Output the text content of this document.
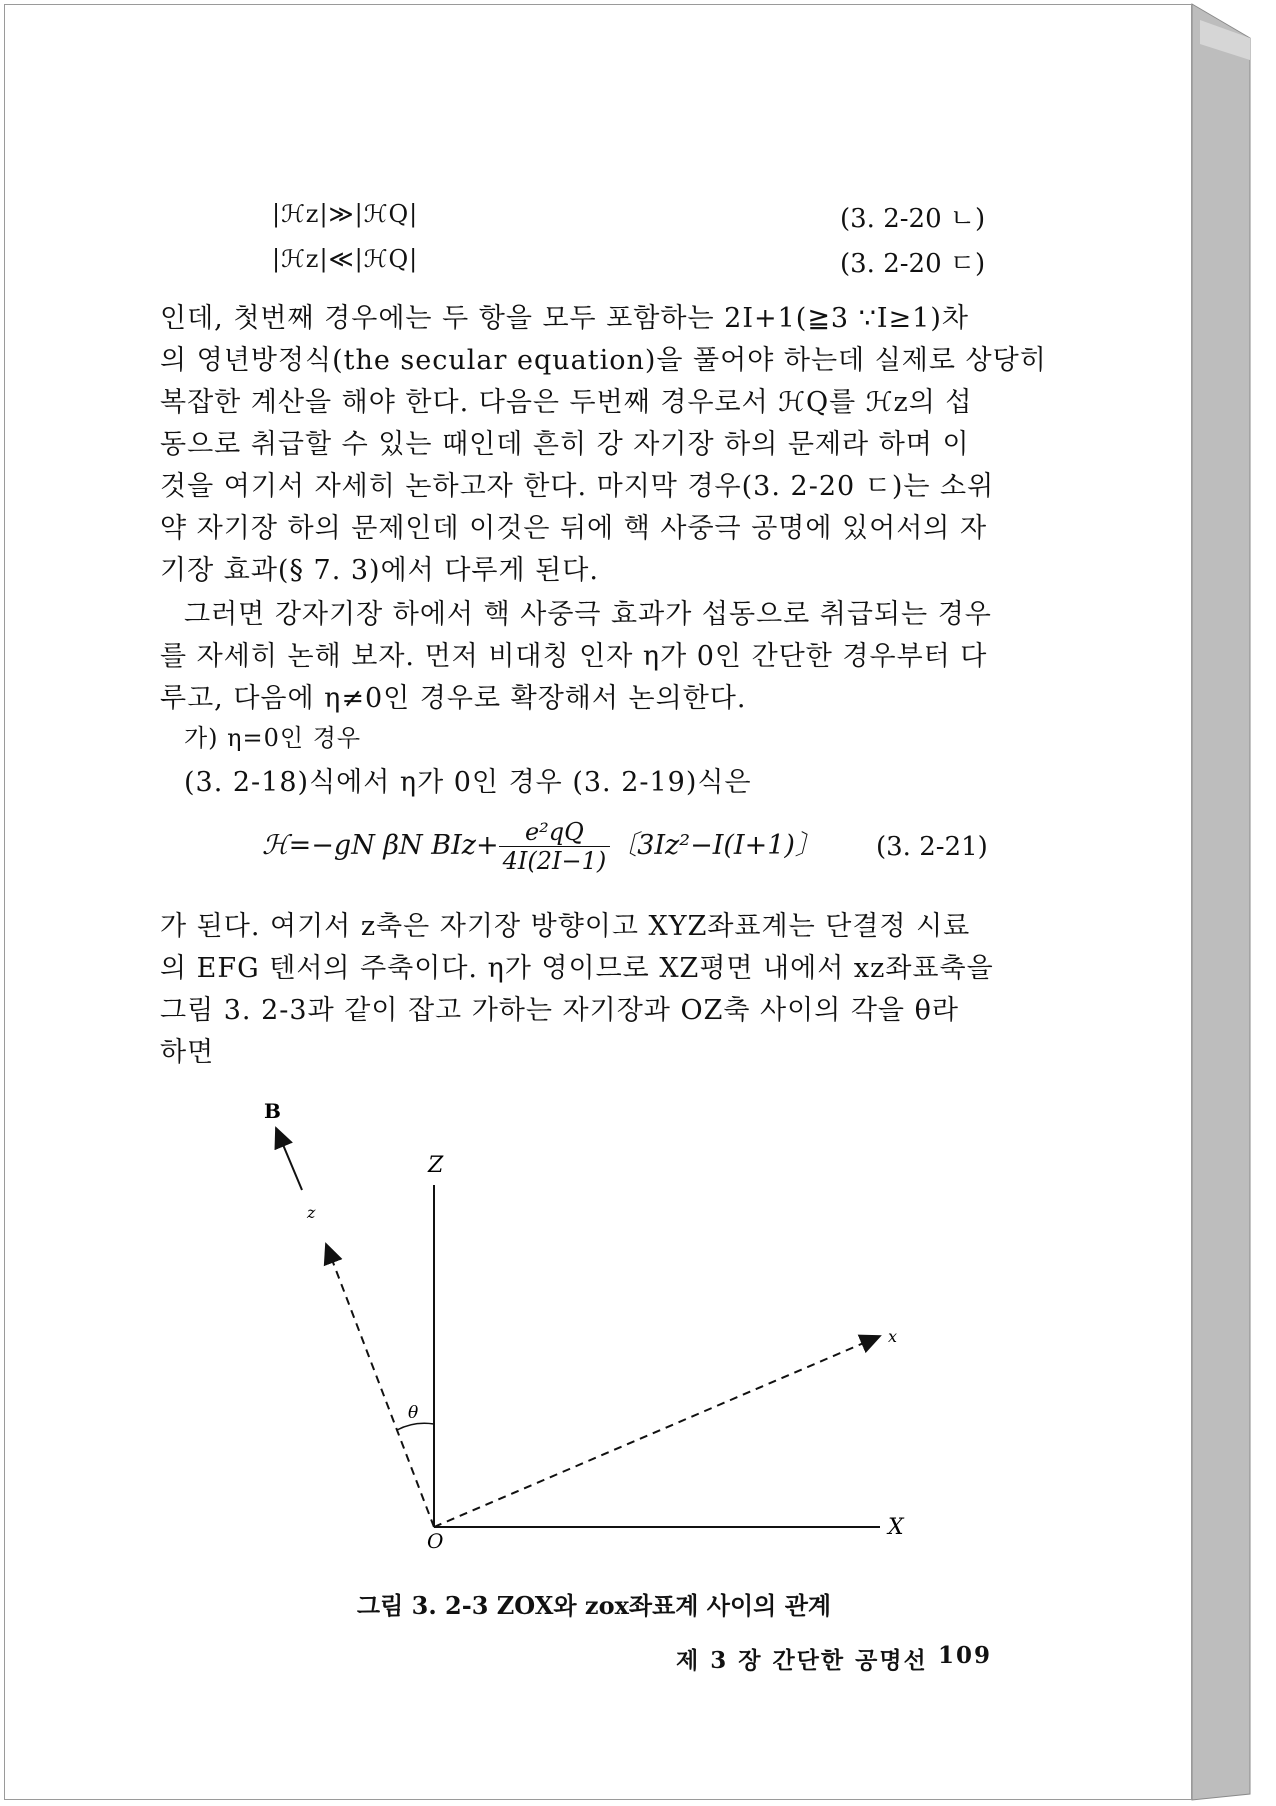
|ℋz|≫|ℋQ|	(3. 2-20 ㄴ)
|ℋz|≪|ℋQ|	(3. 2-20 ㄷ)
인데, 첫번째 경우에는 두 항을 모두 포함하는 2I+1(≧3 ∵I≥1)차
의 영년방정식(the secular equation)을 풀어야 하는데 실제로 상당히
복잡한 계산을 해야 한다. 다음은 두번째 경우로서 ℋQ를 ℋz의 섭
동으로 취급할 수 있는 때인데 흔히 강 자기장 하의 문제라 하며 이
것을 여기서 자세히 논하고자 한다. 마지막 경우(3. 2-20 ㄷ)는 소위
약 자기장 하의 문제인데 이것은 뒤에 핵 사중극 공명에 있어서의 자
기장 효과(§ 7. 3)에서 다루게 된다.
그러면 강자기장 하에서 핵 사중극 효과가 섭동으로 취급되는 경우
를 자세히 논해 보자. 먼저 비대칭 인자 η가 0인 간단한 경우부터 다
루고, 다음에 η≠0인 경우로 확장해서 논의한다.
가) η=0인 경우
(3. 2-18)식에서 η가 0인 경우 (3. 2-19)식은
ℋ=−gN βN $BIz+ \frac{\text{e²qQ}}{4I(2I-1)}$ 〔3Iz²−I(I+1)〕 (3. 2-21)
가 된다. 여기서 z축은 자기장 방향이고 XYZ좌표계는 단결정 시료
의 EFG 텐서의 주축이다. η가 영이므로 XZ평면 내에서 xz좌표축을
그림 3. 2-3과 같이 잡고 가하는 자기장과 OZ축 사이의 각을 θ라
하면
B
z
Z
x
X
O
θ
그림 3. 2-3 ZOX와 zox좌표계 사이의 관계
제 3 장 간단한 공명선 109
